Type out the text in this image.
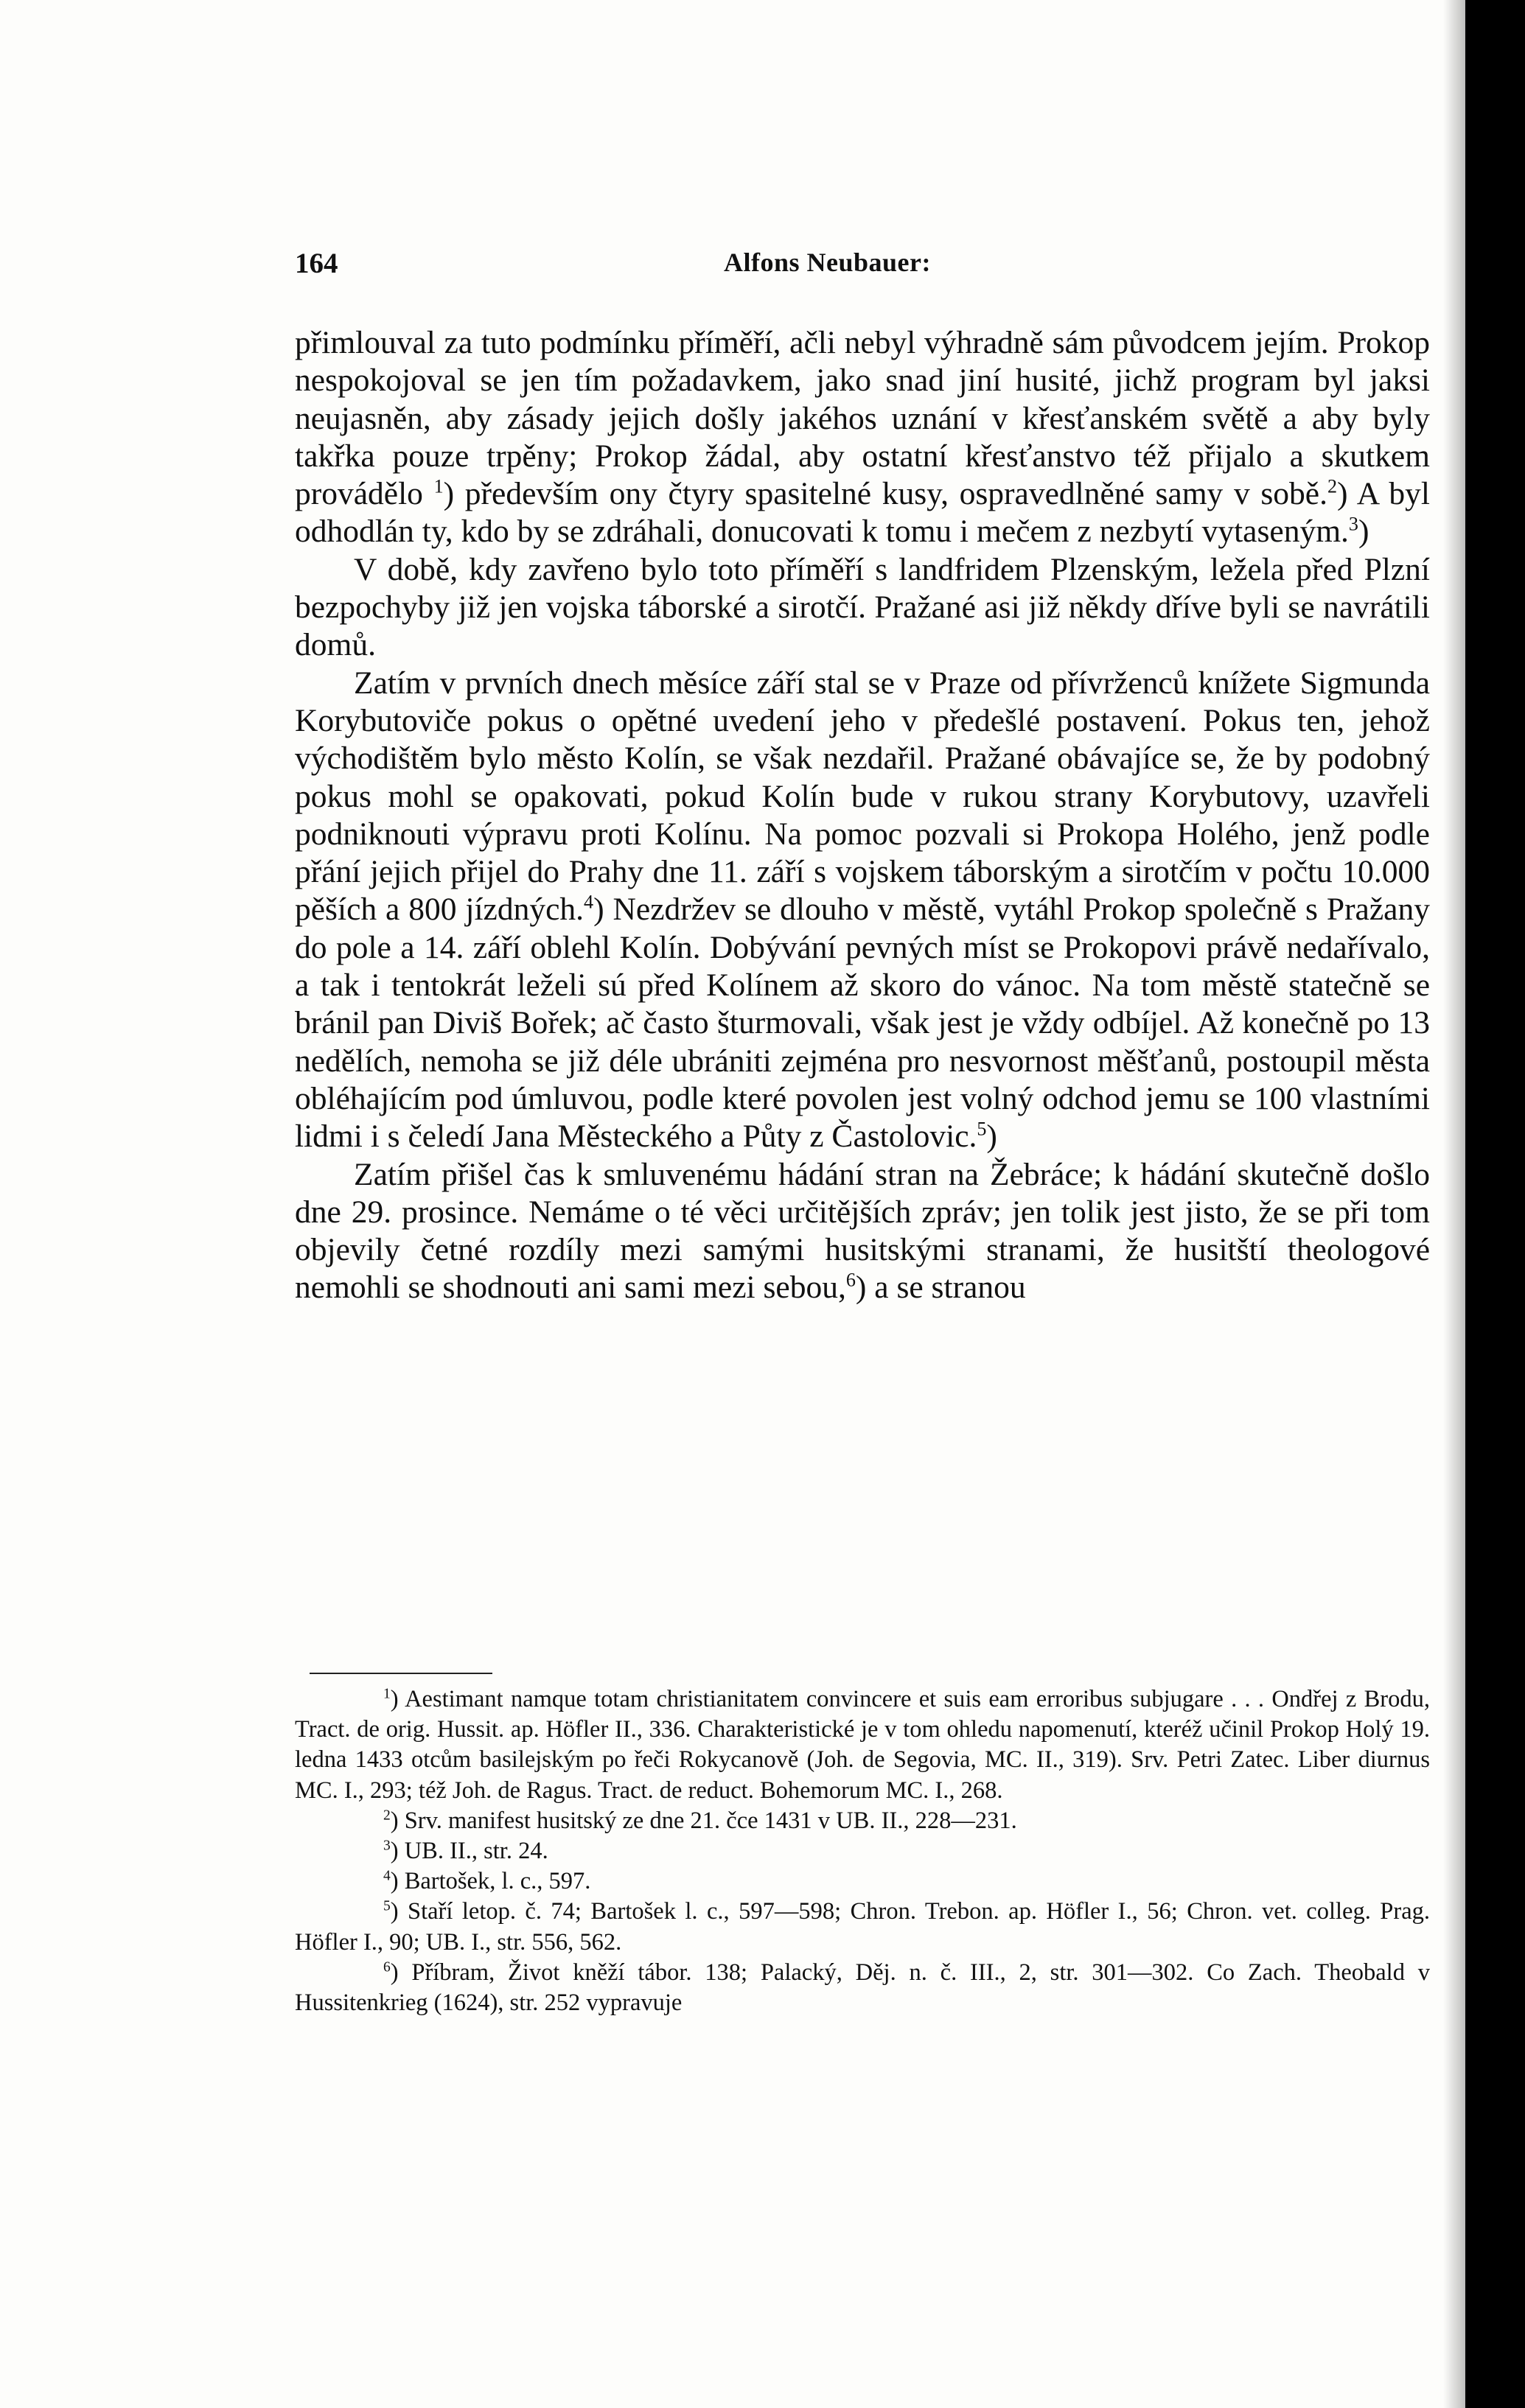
164	Alfons Neubauer:

přimlouval za tuto podmínku příměří, ačli nebyl výhradně sám původcem jejím. Prokop nespokojoval se jen tím požadavkem, jako snad jiní husité, jichž program byl jaksi neujasněn, aby zásady jejich došly jakéhos uznání v křesťanském světě a aby byly takřka pouze trpěny; Prokop žádal, aby ostatní křesťanstvo též přijalo a skutkem provádělo $^1$) především ony čtyry spasitelné kusy, ospravedlněné samy v sobě.$^2$) A byl odhodlán ty, kdo by se zdráhali, donucovati k tomu i mečem z nezbytí vytaseným.$^3$)

V době, kdy zavřeno bylo toto příměří s landfridem Plzenským, ležela před Plzní bezpochyby již jen vojska táborské a sirotčí. Pražané asi již někdy dříve byli se navrátili domů.

Zatím v prvních dnech měsíce září stal se v Praze od přívrženců knížete Sigmunda Korybutoviče pokus o opětné uvedení jeho v předešlé postavení. Pokus ten, jehož východištěm bylo město Kolín, se však nezdařil. Pražané obávajíce se, že by podobný pokus mohl se opakovati, pokud Kolín bude v rukou strany Korybutovy, uzavřeli podniknouti výpravu proti Kolínu. Na pomoc pozvali si Prokopa Holého, jenž podle přání jejich přijel do Prahy dne 11. září s vojskem táborským a sirotčím v počtu 10.000 pěších a 800 jízdných.$^4$) Nezdržev se dlouho v městě, vytáhl Prokop společně s Pražany do pole a 14. září oblehl Kolín. Dobývání pevných míst se Prokopovi právě nedařívalo, a tak i tentokrát leželi sú před Kolínem až skoro do vánoc. Na tom městě statečně se bránil pan Diviš Bořek; ač často šturmovali, však jest je vždy odbíjel. Až konečně po 13 nedělích, nemoha se již déle ubrániti zejména pro nesvornost měšťanů, postoupil města obléhajícím pod úmluvou, podle které povolen jest volný odchod jemu se 100 vlastními lidmi i s čeledí Jana Městeckého a Půty z Častolovic.$^5$)

Zatím přišel čas k smluvenému hádání stran na Žebráce; k hádání skutečně došlo dne 29. prosince. Nemáme o té věci určitějších zpráv; jen tolik jest jisto, že se při tom objevily četné rozdíly mezi samými husitskými stranami, že husitští theologové nemohli se shodnouti ani sami mezi sebou,$^6$) a se stranou

$^1$) Aestimant namque totam christianitatem convincere et suis eam erroribus subjugare . . . Ondřej z Brodu, Tract. de orig. Hussit. ap. Höfler II., 336. Charakteristické je v tom ohledu napomenutí, kteréž učinil Prokop Holý 19. ledna 1433 otcům basilejským po řeči Rokycanově (Joh. de Segovia, MC. II., 319). Srv. Petri Zatec. Liber diurnus MC. I., 293; též Joh. de Ragus. Tract. de reduct. Bohemorum MC. I., 268.

$^2$) Srv. manifest husitský ze dne 21. čce 1431 v UB. II., 228—231.

$^3$) UB. II., str. 24.

$^4$) Bartošek, l. c., 597.

$^5$) Staří letop. č. 74; Bartošek l. c., 597—598; Chron. Trebon. ap. Höfler I., 56; Chron. vet. colleg. Prag. Höfler I., 90; UB. I., str. 556, 562.

$^6$) Příbram, Život kněží tábor. 138; Palacký, Děj. n. č. III., 2, str. 301—302. Co Zach. Theobald v Hussitenkrieg (1624), str. 252 vypravuje
